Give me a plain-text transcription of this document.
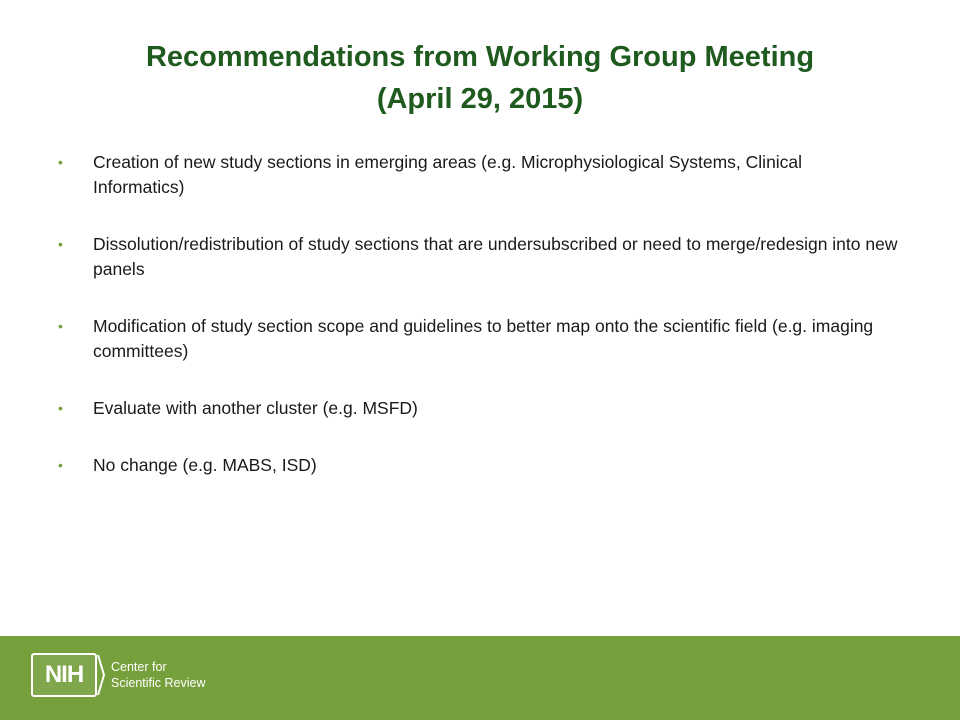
Recommendations from Working Group Meeting
(April 29, 2015)
• Creation of new study sections in emerging areas (e.g. Microphysiological Systems, Clinical Informatics)
• Dissolution/redistribution of study sections that are undersubscribed or need to merge/redesign into new panels
• Modification of study section scope and guidelines to better map onto the scientific field (e.g. imaging committees)
• Evaluate with another cluster (e.g. MSFD)
• No change (e.g. MABS, ISD)
NIH	Center for
Scientific Review
